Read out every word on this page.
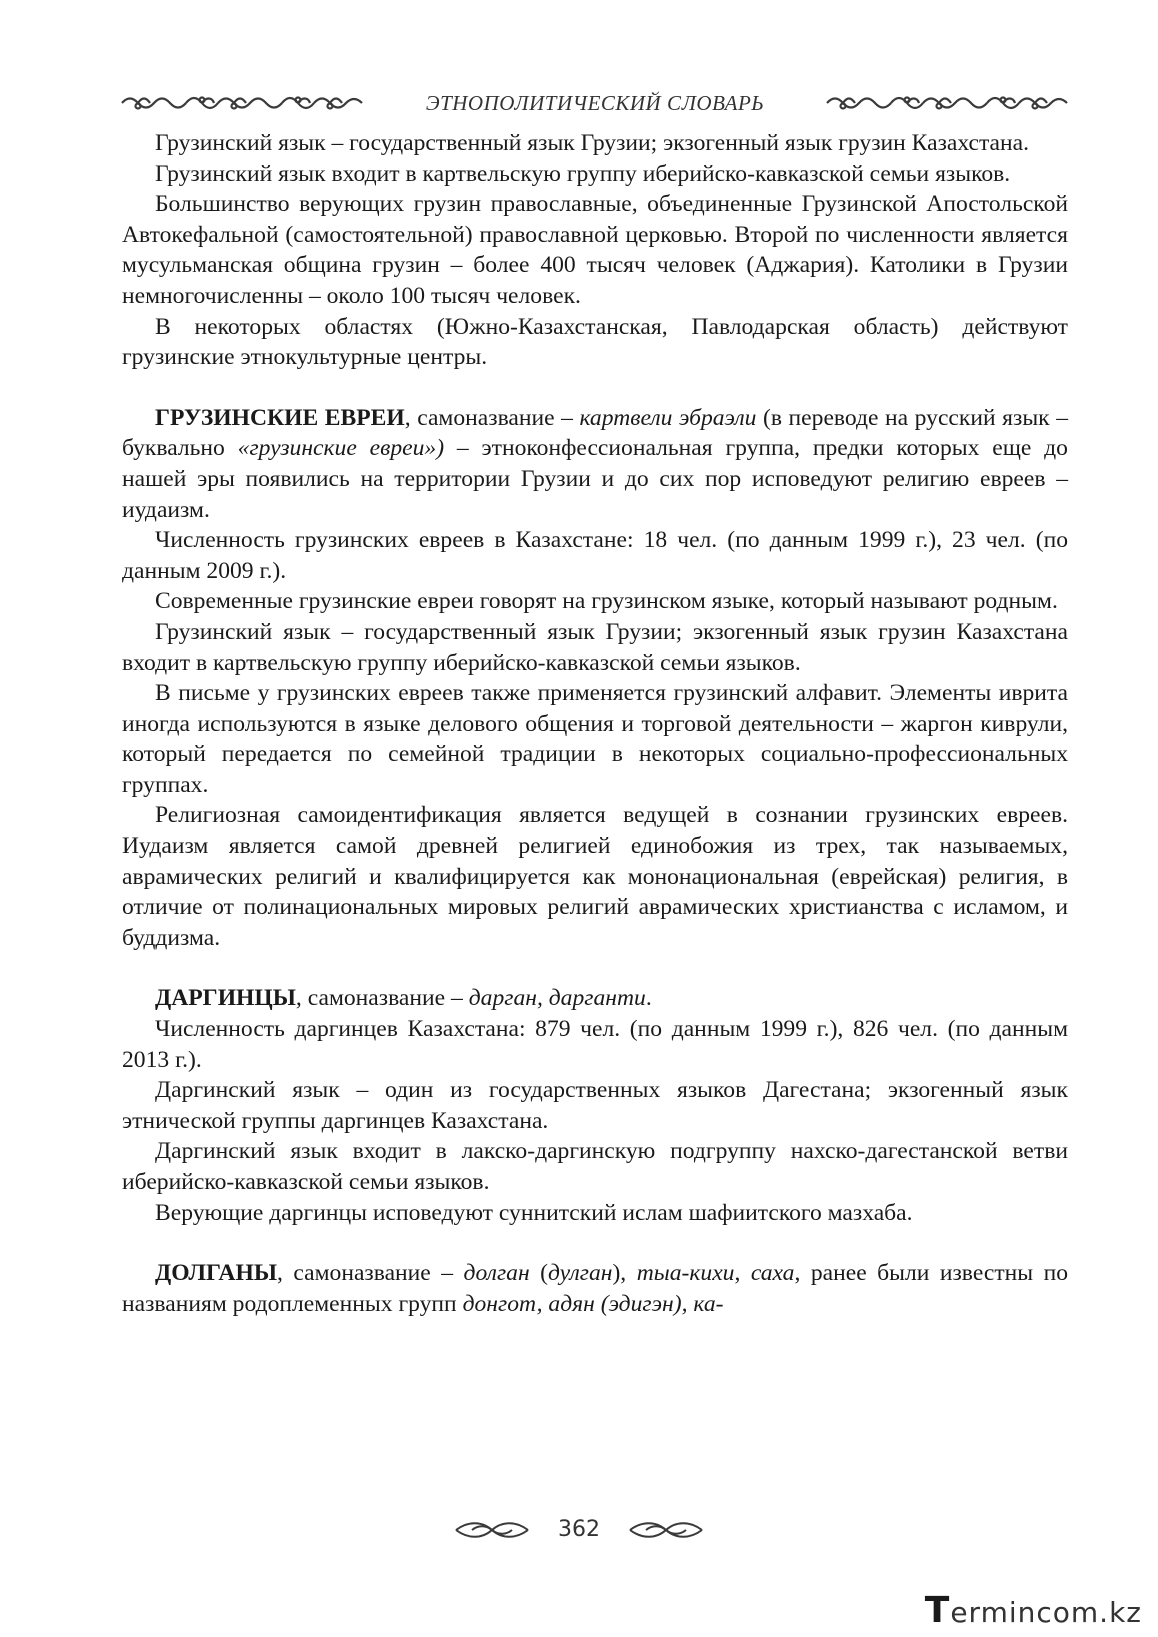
ЭТНОПОЛИТИЧЕСКИЙ СЛОВАРЬ

Грузинский язык – государственный язык Грузии; экзогенный язык грузин Казахстана.

Грузинский язык входит в картвельскую группу иберийско-кавказской семьи языков.

Большинство верующих грузин православные, объединенные Грузинской Апостольской Автокефальной (самостоятельной) православной церковью. Второй по численности является мусульманская община грузин – более 400 тысяч человек (Аджария). Католики в Грузии немногочисленны – около 100 тысяч человек.

В некоторых областях (Южно-Казахстанская, Павлодарская область) действуют грузинские этнокультурные центры.

ГРУЗИНСКИЕ ЕВРЕИ, самоназвание – картвели эбраэли (в переводе на русский язык – буквально «грузинские евреи») – этноконфессиональная группа, предки которых еще до нашей эры появились на территории Грузии и до сих пор исповедуют религию евреев – иудаизм.

Численность грузинских евреев в Казахстане: 18 чел. (по данным 1999 г.), 23 чел. (по данным 2009 г.).

Современные грузинские евреи говорят на грузинском языке, который называют родным.

Грузинский язык – государственный язык Грузии; экзогенный язык грузин Казахстана входит в картвельскую группу иберийско-кавказской семьи языков.

В письме у грузинских евреев также применяется грузинский алфавит. Элементы иврита иногда используются в языке делового общения и торговой деятельности – жаргон киврули, который передается по семейной традиции в некоторых социально-профессиональных группах.

Религиозная самоидентификация является ведущей в сознании грузинских евреев. Иудаизм является самой древней религией единобожия из трех, так называемых, аврамических религий и квалифицируется как мононациональная (еврейская) религия, в отличие от полинациональных мировых религий аврамических христианства с исламом, и буддизма.

ДАРГИНЦЫ, самоназвание – дарган, дарганти.

Численность даргинцев Казахстана: 879 чел. (по данным 1999 г.), 826 чел. (по данным 2013 г.).

Даргинский язык – один из государственных языков Дагестана; экзогенный язык этнической группы даргинцев Казахстана.

Даргинский язык входит в лакско-даргинскую подгруппу нахско-дагестанской ветви иберийско-кавказской семьи языков.

Верующие даргинцы исповедуют суннитский ислам шафиитского мазхаба.

ДОЛГАНЫ, самоназвание – долган (дулган), тыа-кихи, саха, ранее были известны по названиям родоплеменных групп донгот, адян (эдигэн), ка-

362
Termincom.kz
